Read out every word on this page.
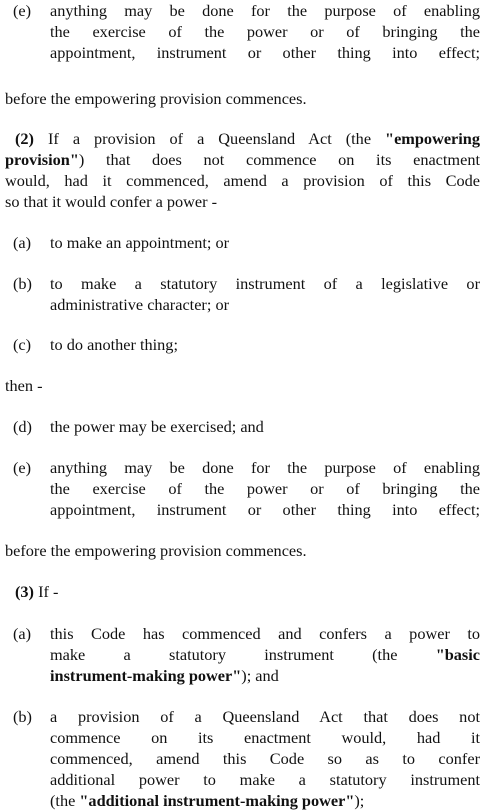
(e) anything may be done for the purpose of enabling
the exercise of the power or of bringing the
appointment, instrument or other thing into effect;
before the empowering provision commences.
(2) If a provision of a Queensland Act (the "empowering
provision") that does not commence on its enactment
would, had it commenced, amend a provision of this Code
so that it would confer a power -
(a) to make an appointment; or
(b) to make a statutory instrument of a legislative or
administrative character; or
(c) to do another thing;
then -
(d) the power may be exercised; and
(e) anything may be done for the purpose of enabling
the exercise of the power or of bringing the
appointment, instrument or other thing into effect;
before the empowering provision commences.
(3) If -
(a) this Code has commenced and confers a power to
make a statutory instrument (the "basic
instrument-making power"); and
(b) a provision of a Queensland Act that does not
commence on its enactment would, had it
commenced, amend this Code so as to confer
additional power to make a statutory instrument
(the "additional instrument-making power");
